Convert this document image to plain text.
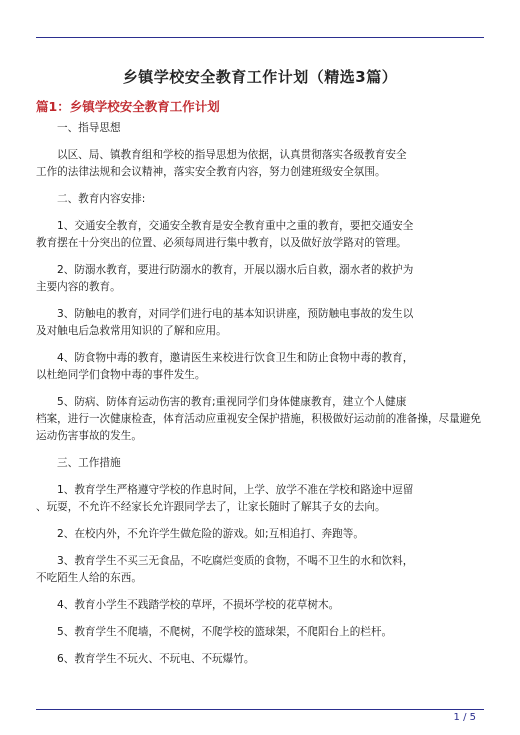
乡镇学校安全教育工作计划（精选3篇）
篇1：乡镇学校安全教育工作计划

一、指导思想

以区、局、镇教育组和学校的指导思想为依据，认真贯彻落实各级教育安全
工作的法律法规和会议精神，落实安全教育内容，努力创建班级安全氛围。

二、教育内容安排:

1、交通安全教育，交通安全教育是安全教育重中之重的教育，要把交通安全
教育摆在十分突出的位置、必须每周进行集中教育，以及做好放学路对的管理。

2、防溺水教育，要进行防溺水的教育，开展以溺水后自救，溺水者的救护为
主要内容的教育。

3、防触电的教育，对同学们进行电的基本知识讲座，预防触电事故的发生以
及对触电后急救常用知识的了解和应用。

4、防食物中毒的教育，邀请医生来校进行饮食卫生和防止食物中毒的教育，
以杜绝同学们食物中毒的事件发生。

5、防病、防体育运动伤害的教育;重视同学们身体健康教育，建立个人健康
档案，进行一次健康检查，体育活动应重视安全保护措施，积极做好运动前的准备操，尽量避免
运动伤害事故的发生。

三、工作措施

1、教育学生严格遵守学校的作息时间，上学、放学不准在学校和路途中逗留
、玩耍，不允许不经家长允许跟同学去了，让家长随时了解其子女的去向。

2、在校内外，不允许学生做危险的游戏。如;互相追打、奔跑等。

3、教育学生不买三无食品，不吃腐烂变质的食物，不喝不卫生的水和饮料，
不吃陌生人给的东西。

4、教育小学生不践踏学校的草坪，不损坏学校的花草树木。

5、教育学生不爬墙，不爬树，不爬学校的篮球架，不爬阳台上的栏杆。

6、教育学生不玩火、不玩电、不玩爆竹。

1 / 5
